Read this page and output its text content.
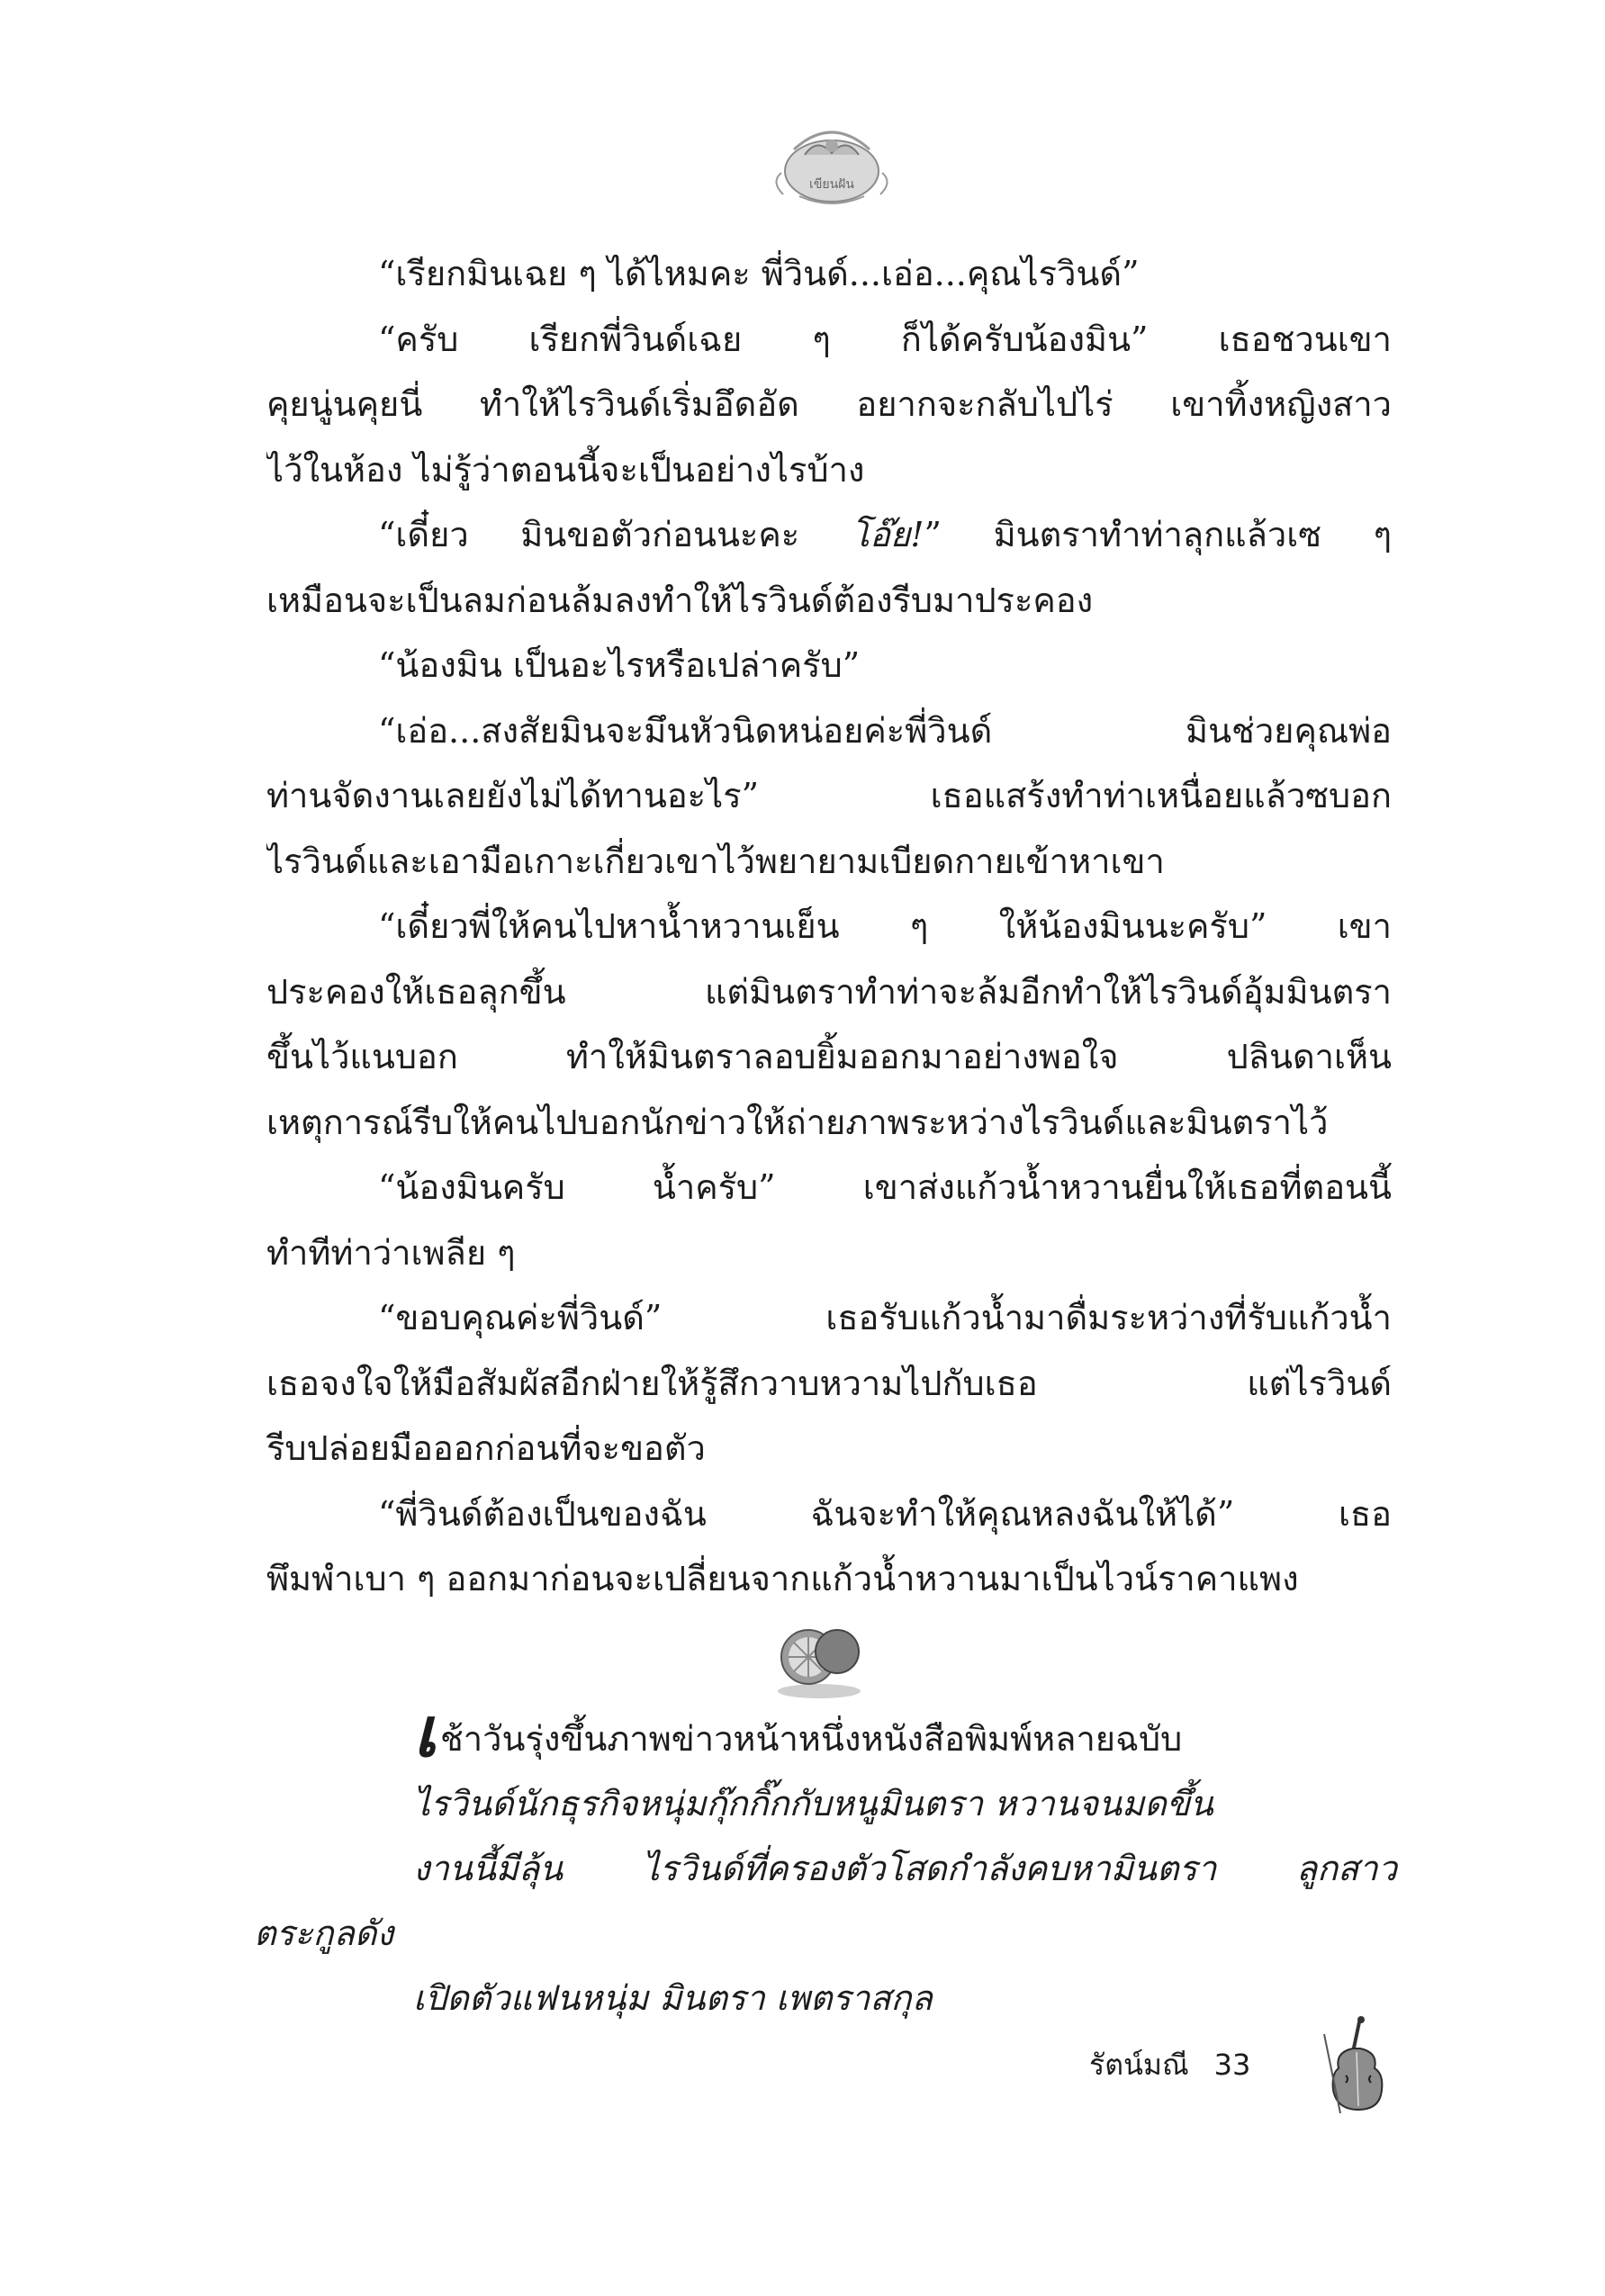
เขียนฝัน
“เรียกมินเฉย ๆ ได้ไหมคะ พี่วินด์...เอ่อ...คุณไรวินด์”
“ครับ เรียกพี่วินด์เฉย ๆ ก็ได้ครับน้องมิน” เธอชวนเขา
คุยนู่นคุยนี่ ทำให้ไรวินด์เริ่มอึดอัด อยากจะกลับไปไร่ เขาทิ้งหญิงสาว
ไว้ในห้อง ไม่รู้ว่าตอนนี้จะเป็นอย่างไรบ้าง
“เดี๋ยว มินขอตัวก่อนนะคะ โอ๊ย!” มินตราทำท่าลุกแล้วเซ ๆ
เหมือนจะเป็นลมก่อนล้มลงทำให้ไรวินด์ต้องรีบมาประคอง
“น้องมิน เป็นอะไรหรือเปล่าครับ”
“เอ่อ...สงสัยมินจะมึนหัวนิดหน่อยค่ะพี่วินด์ มินช่วยคุณพ่อ
ท่านจัดงานเลยยังไม่ได้ทานอะไร” เธอแสร้งทำท่าเหนื่อยแล้วซบอก
ไรวินด์และเอามือเกาะเกี่ยวเขาไว้พยายามเบียดกายเข้าหาเขา
“เดี๋ยวพี่ให้คนไปหาน้ำหวานเย็น ๆ ให้น้องมินนะครับ” เขา
ประคองให้เธอลุกขึ้น แต่มินตราทำท่าจะล้มอีกทำให้ไรวินด์อุ้มมินตรา
ขึ้นไว้แนบอก ทำให้มินตราลอบยิ้มออกมาอย่างพอใจ ปลินดาเห็น
เหตุการณ์รีบให้คนไปบอกนักข่าวให้ถ่ายภาพระหว่างไรวินด์และมินตราไว้
“น้องมินครับ น้ำครับ” เขาส่งแก้วน้ำหวานยื่นให้เธอที่ตอนนี้
ทำทีท่าว่าเพลีย ๆ
“ขอบคุณค่ะพี่วินด์” เธอรับแก้วน้ำมาดื่มระหว่างที่รับแก้วน้ำ
เธอจงใจให้มือสัมผัสอีกฝ่ายให้รู้สึกวาบหวามไปกับเธอ แต่ไรวินด์
รีบปล่อยมือออกก่อนที่จะขอตัว
“พี่วินด์ต้องเป็นของฉัน ฉันจะทำให้คุณหลงฉันให้ได้” เธอ
พึมพำเบา ๆ ออกมาก่อนจะเปลี่ยนจากแก้วน้ำหวานมาเป็นไวน์ราคาแพง
เช้าวันรุ่งขึ้นภาพข่าวหน้าหนึ่งหนังสือพิมพ์หลายฉบับ
ไรวินด์นักธุรกิจหนุ่มกุ๊กกิ๊กกับหนูมินตรา หวานจนมดขึ้น
งานนี้มีลุ้น ไรวินด์ที่ครองตัวโสดกำลังคบหามินตรา ลูกสาว
ตระกูลดัง
เปิดตัวแฟนหนุ่ม มินตรา เพตราสกุล
รัตน์มณี 33
